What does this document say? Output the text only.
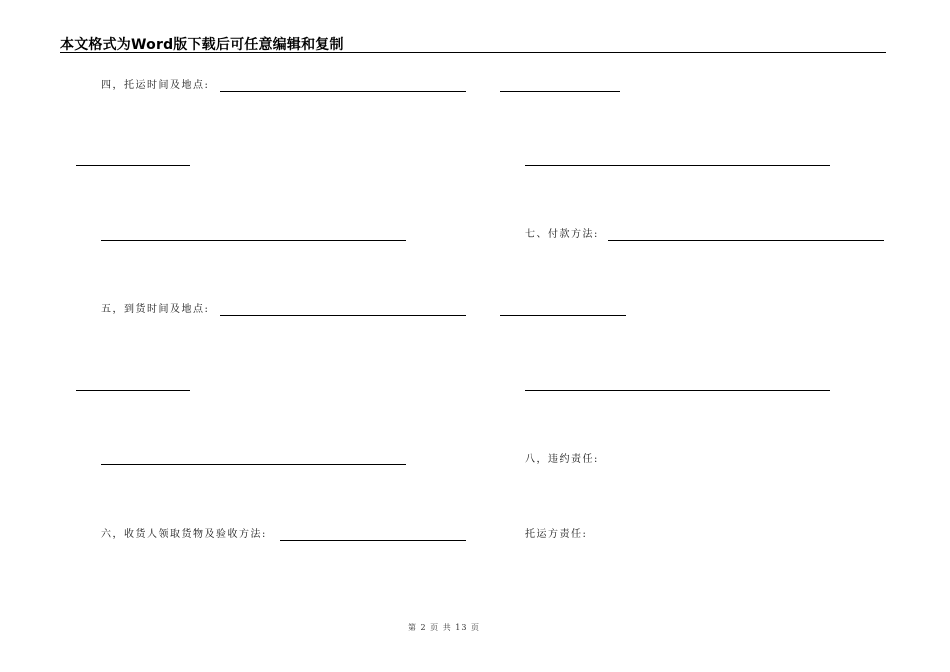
本文格式为Word版下载后可任意编辑和复制
四，托运时间及地点:
五，到货时间及地点:
六，收货人领取货物及验收方法:
七、付款方法:
八，违约责任:
托运方责任:
第 2 页 共 13 页
